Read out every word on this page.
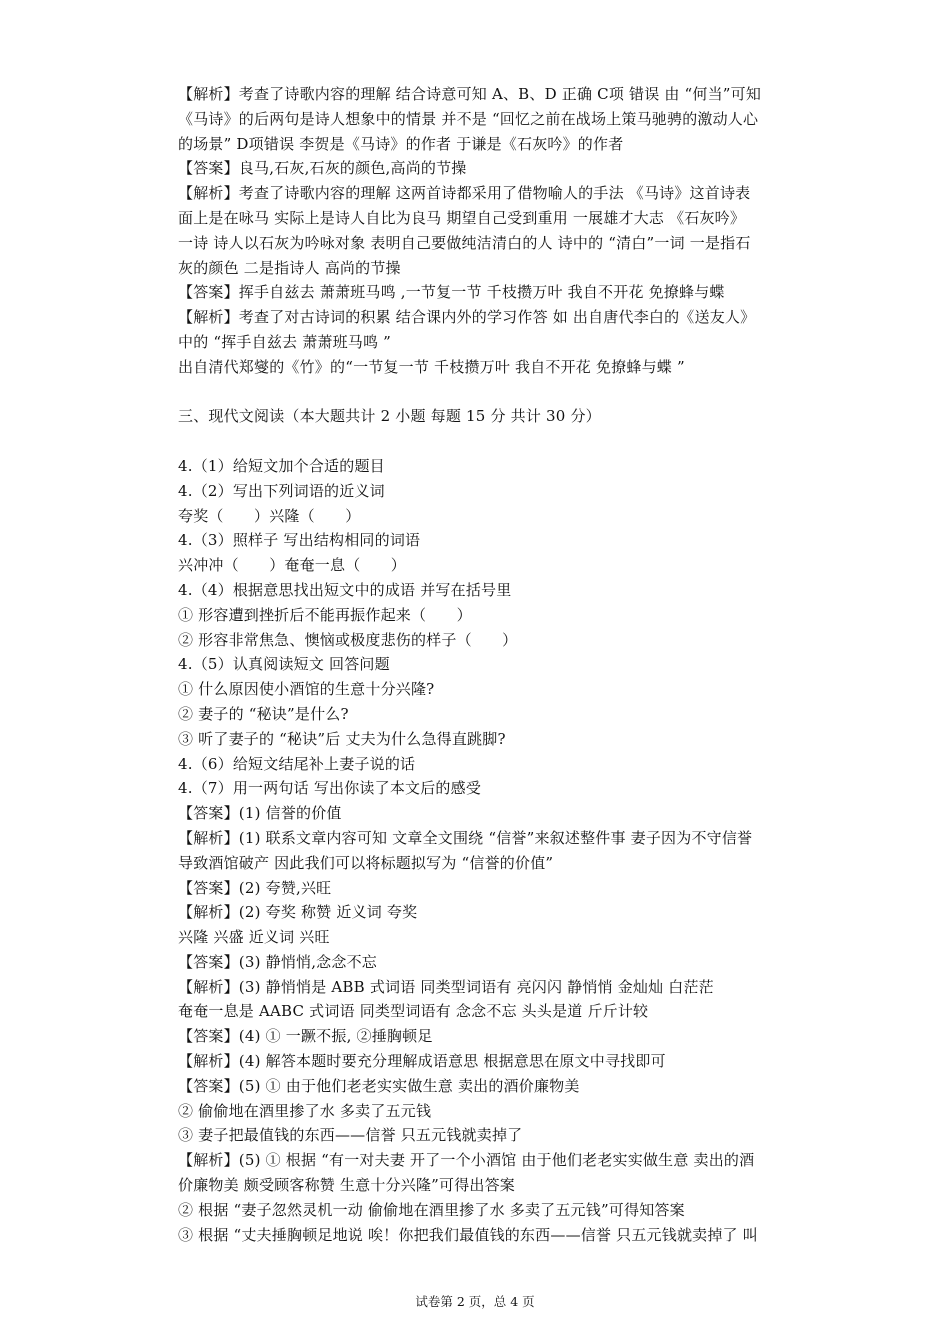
【解析】考查了诗歌内容的理解 结合诗意可知 A、B、D 正确 C项 错误 由 “何当”可知
《马诗》的后两句是诗人想象中的情景 并不是 “回忆之前在战场上策马驰骋的激动人心
的场景” D项错误 李贺是《马诗》的作者 于谦是《石灰吟》的作者
【答案】良马,石灰,石灰的颜色,高尚的节操
【解析】考查了诗歌内容的理解 这两首诗都采用了借物喻人的手法 《马诗》这首诗表
面上是在咏马 实际上是诗人自比为良马 期望自己受到重用 一展雄才大志 《石灰吟》
一诗 诗人以石灰为吟咏对象 表明自己要做纯洁清白的人 诗中的 “清白”一词 一是指石
灰的颜色 二是指诗人 高尚的节操
【答案】挥手自兹去 萧萧班马鸣 ,一节复一节 千枝攒万叶 我自不开花 免撩蜂与蝶
【解析】考查了对古诗词的积累 结合课内外的学习作答 如 出自唐代李白的《送友人》
中的 “挥手自兹去 萧萧班马鸣 ”
出自清代郑燮的《竹》的“一节复一节 千枝攒万叶 我自不开花 免撩蜂与蝶 ”
三、现代文阅读（本大题共计 2 小题 每题 15 分 共计 30 分）
4.（1）给短文加个合适的题目
4.（2）写出下列词语的近义词
夸奖（　　）兴隆（　　）
4.（3）照样子 写出结构相同的词语
兴冲冲（　　）奄奄一息（　　）
4.（4）根据意思找出短文中的成语 并写在括号里
① 形容遭到挫折后不能再振作起来（　　）
② 形容非常焦急、懊恼或极度悲伤的样子（　　）
4.（5）认真阅读短文 回答问题
① 什么原因使小酒馆的生意十分兴隆?
② 妻子的 “秘诀”是什么?
③ 听了妻子的 “秘诀”后 丈夫为什么急得直跳脚?
4.（6）给短文结尾补上妻子说的话
4.（7）用一两句话 写出你读了本文后的感受
【答案】(1) 信誉的价值
【解析】(1) 联系文章内容可知 文章全文围绕 “信誉”来叙述整件事 妻子因为不守信誉
导致酒馆破产 因此我们可以将标题拟写为 “信誉的价值”
【答案】(2) 夸赞,兴旺
【解析】(2) 夸奖 称赞 近义词 夸奖
兴隆 兴盛 近义词 兴旺
【答案】(3) 静悄悄,念念不忘
【解析】(3) 静悄悄是 ABB 式词语 同类型词语有 亮闪闪 静悄悄 金灿灿 白茫茫
奄奄一息是 AABC 式词语 同类型词语有 念念不忘 头头是道 斤斤计较
【答案】(4) ① 一蹶不振, ②捶胸顿足
【解析】(4) 解答本题时要充分理解成语意思 根据意思在原文中寻找即可
【答案】(5) ① 由于他们老老实实做生意 卖出的酒价廉物美
② 偷偷地在酒里掺了水 多卖了五元钱
③ 妻子把最值钱的东西——信誉 只五元钱就卖掉了
【解析】(5) ① 根据 “有一对夫妻 开了一个小酒馆 由于他们老老实实做生意 卖出的酒
价廉物美 颇受顾客称赞 生意十分兴隆”可得出答案
② 根据 “妻子忽然灵机一动 偷偷地在酒里掺了水 多卖了五元钱”可得知答案
③ 根据 “丈夫捶胸顿足地说 唉！你把我们最值钱的东西——信誉 只五元钱就卖掉了 叫
试卷第 2 页，总 4 页
